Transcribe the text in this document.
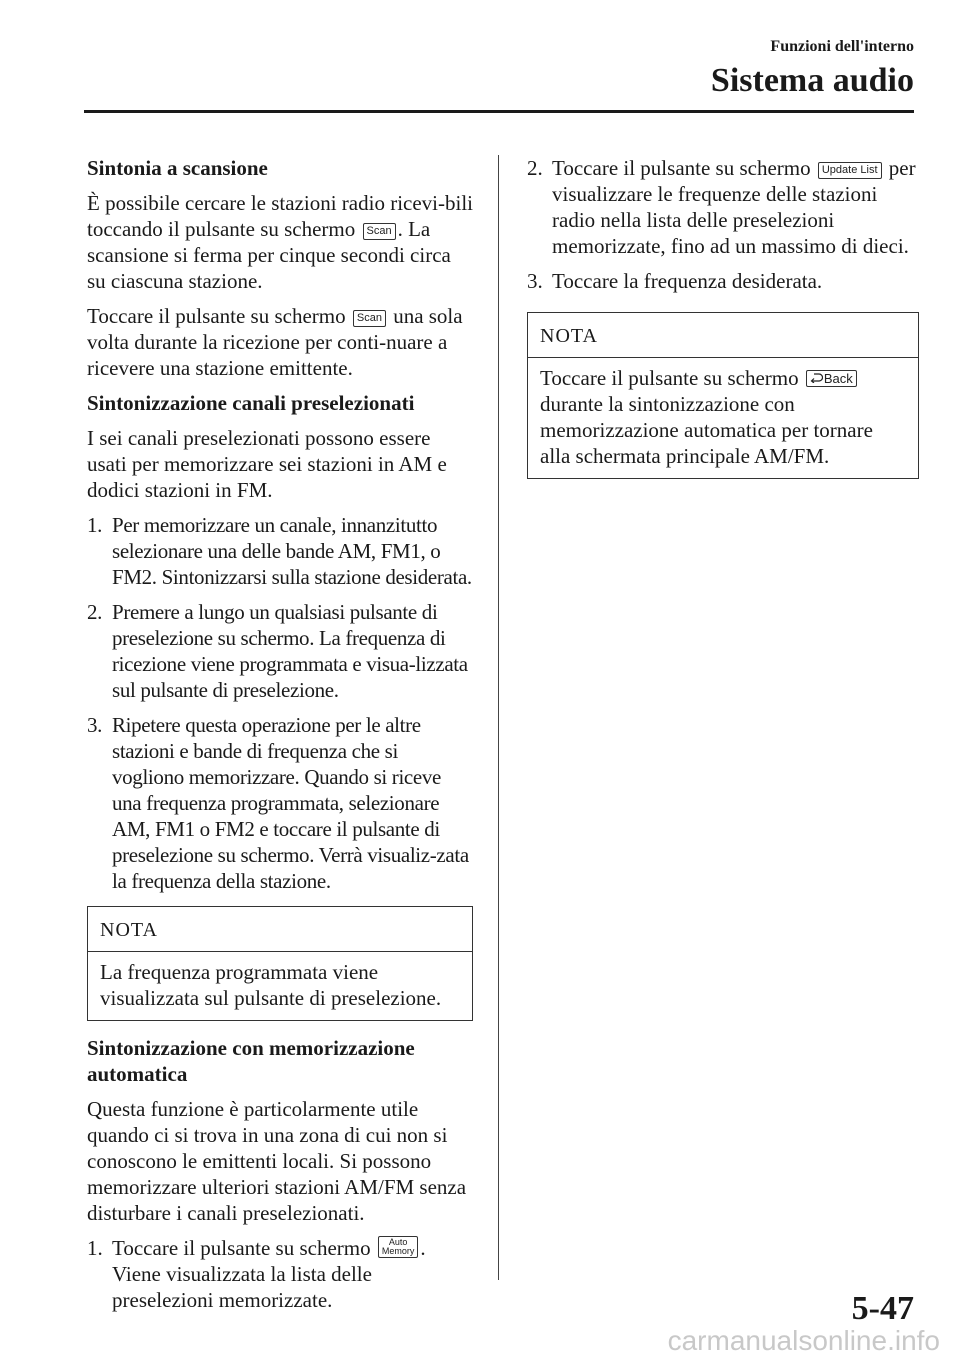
Funzioni dell'interno
Sistema audio
Sintonia a scansione

È possibile cercare le stazioni radio ricevi-bili toccando il pulsante su schermo Scan . La scansione si ferma per cinque secondi circa su ciascuna stazione.

Toccare il pulsante su schermo Scan una sola volta durante la ricezione per conti-nuare a ricevere una stazione emittente.

Sintonizzazione canali preselezionati

I sei canali preselezionati possono essere usati per memorizzare sei stazioni in AM e dodici stazioni in FM.

1. Per memorizzare un canale, innanzitutto selezionare una delle bande AM, FM1, o FM2. Sintonizzarsi sulla stazione desiderata.
2. Premere a lungo un qualsiasi pulsante di preselezione su schermo. La frequenza di ricezione viene programmata e visua-lizzata sul pulsante di preselezione.
3. Ripetere questa operazione per le altre stazioni e bande di frequenza che si vogliono memorizzare. Quando si riceve una frequenza programmata, selezionare AM, FM1 o FM2 e toccare il pulsante di preselezione su schermo. Verrà visualiz-zata la frequenza della stazione.
NOTA
La frequenza programmata viene visualizzata sul pulsante di preselezione.
Sintonizzazione con memorizzazione automatica

Questa funzione è particolarmente utile quando ci si trova in una zona di cui non si conoscono le emittenti locali. Si possono memorizzare ulteriori stazioni AM/FM senza disturbare i canali preselezionati.

1. Toccare il pulsante su schermo Auto
Memory . Viene visualizzata la lista delle preselezioni memorizzate.
2. Toccare il pulsante su schermo Update List per visualizzare le frequenze delle stazioni radio nella lista delle preselezioni memorizzate, fino ad un massimo di dieci.
3. Toccare la frequenza desiderata.
NOTA
Toccare il pulsante su schermo Back durante la sintonizzazione con memorizzazione automatica per tornare alla schermata principale AM/FM.
5-47
carmanualsonline.info
